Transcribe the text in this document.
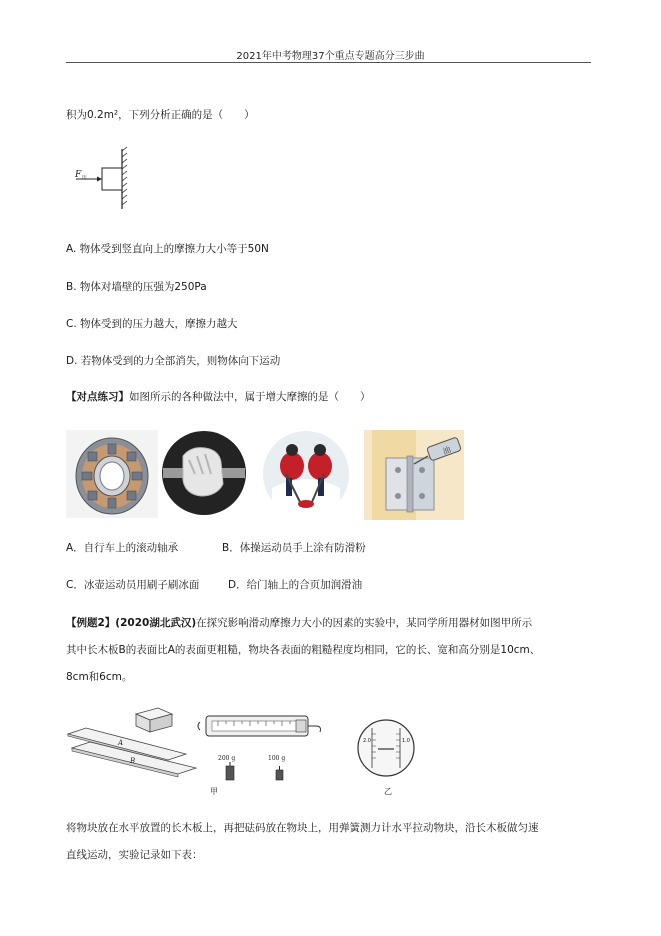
2021年中考物理37个重点专题高分三步曲
积为0.2m²，下列分析正确的是（　　）
F 压
A. 物体受到竖直向上的摩擦力大小等于50N
B. 物体对墙壁的压强为250Pa
C. 物体受到的压力越大，摩擦力越大
D. 若物体受到的力全部消失，则物体向下运动
【对点练习】如图所示的各种做法中，属于增大摩擦的是（　　）
油
A．自行车上的滚动轴承	B．体操运动员手上涂有防滑粉
C．冰壶运动员用刷子刷冰面	D．给门轴上的合页加润滑油
【例题2】(2020湖北武汉)在探究影响滑动摩擦力大小的因素的实验中，某同学所用器材如图甲所示
其中长木板B的表面比A的表面更粗糙，物块各表面的粗糙程度均相同，它的长、宽和高分别是10cm、
8cm和6cm。
A
B	200 g	100 g
2.0	1.0
甲	乙
将物块放在水平放置的长木板上，再把砝码放在物块上，用弹簧测力计水平拉动物块，沿长木板做匀速
直线运动，实验记录如下表：
